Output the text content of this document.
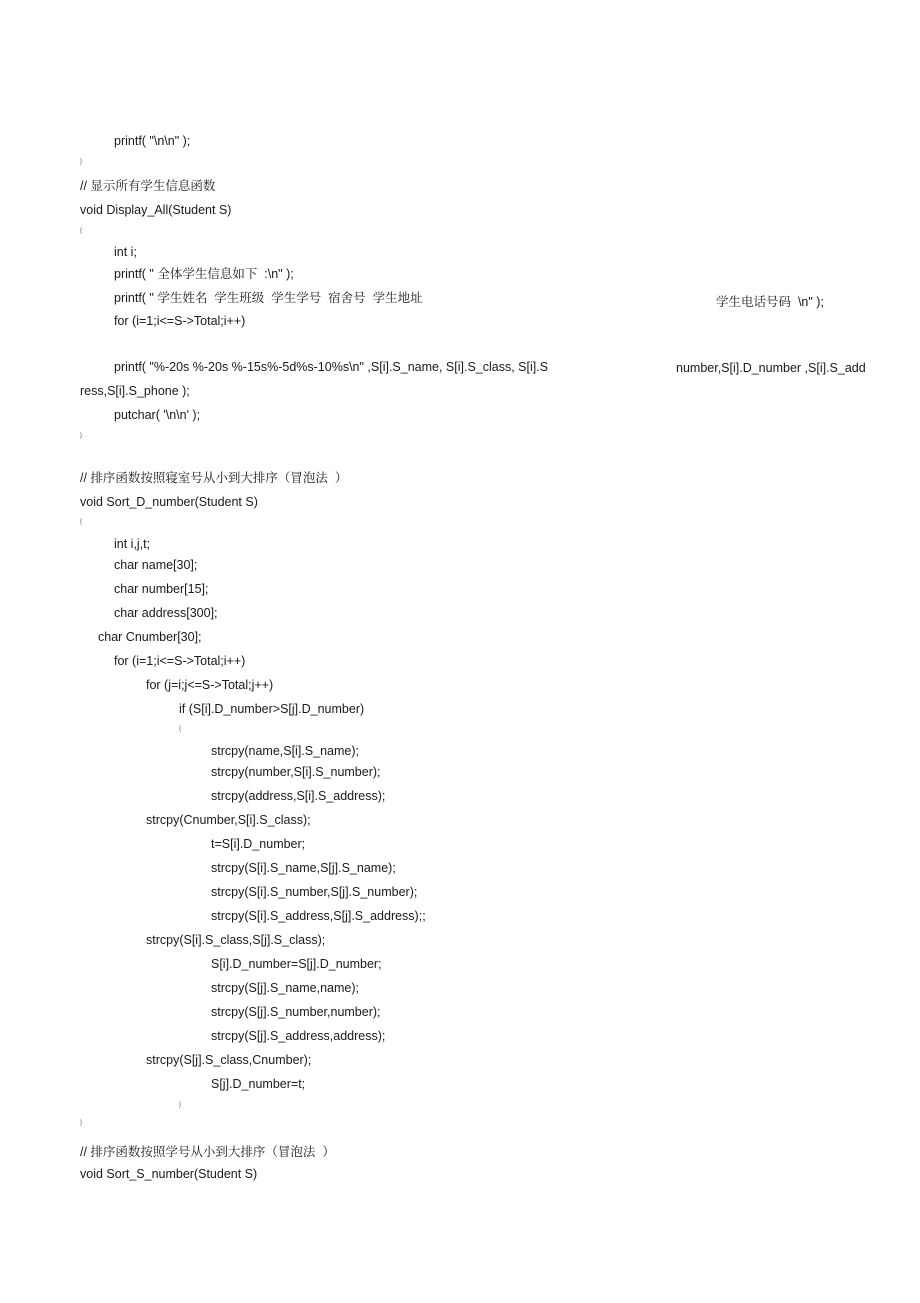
printf( "\n\n" );
}
// 显示所有学生信息函数
void Display_All(Student S)
{
int i;
printf( " 全体学生信息如下  :\n" );
printf( " 学生姓名  学生班级  学生学号  宿舍号  学生地址	学生电话号码  \n" );
for (i=1;i<=S->Total;i++)
printf( "%-20s %-20s %-15s%-5d%s-10%s\n" ,S[i].S_name, S[i].S_class, S[i].S	number,S[i].D_number ,S[i].S_add
ress,S[i].S_phone );
putchar( '\n\n' );
}
// 排序函数按照寝室号从小到大排序（冒泡法  ）
void Sort_D_number(Student S)
{
int i,j,t;
char name[30];
char number[15];
char address[300];
char Cnumber[30];
for (i=1;i<=S->Total;i++)
for (j=i;j<=S->Total;j++)
if (S[i].D_number>S[j].D_number)
{
strcpy(name,S[i].S_name);
strcpy(number,S[i].S_number);
strcpy(address,S[i].S_address);
strcpy(Cnumber,S[i].S_class);
t=S[i].D_number;
strcpy(S[i].S_name,S[j].S_name);
strcpy(S[i].S_number,S[j].S_number);
strcpy(S[i].S_address,S[j].S_address);;
strcpy(S[i].S_class,S[j].S_class);
S[i].D_number=S[j].D_number;
strcpy(S[j].S_name,name);
strcpy(S[j].S_number,number);
strcpy(S[j].S_address,address);
strcpy(S[j].S_class,Cnumber);
S[j].D_number=t;
}
}
// 排序函数按照学号从小到大排序（冒泡法  ）
void Sort_S_number(Student S)
